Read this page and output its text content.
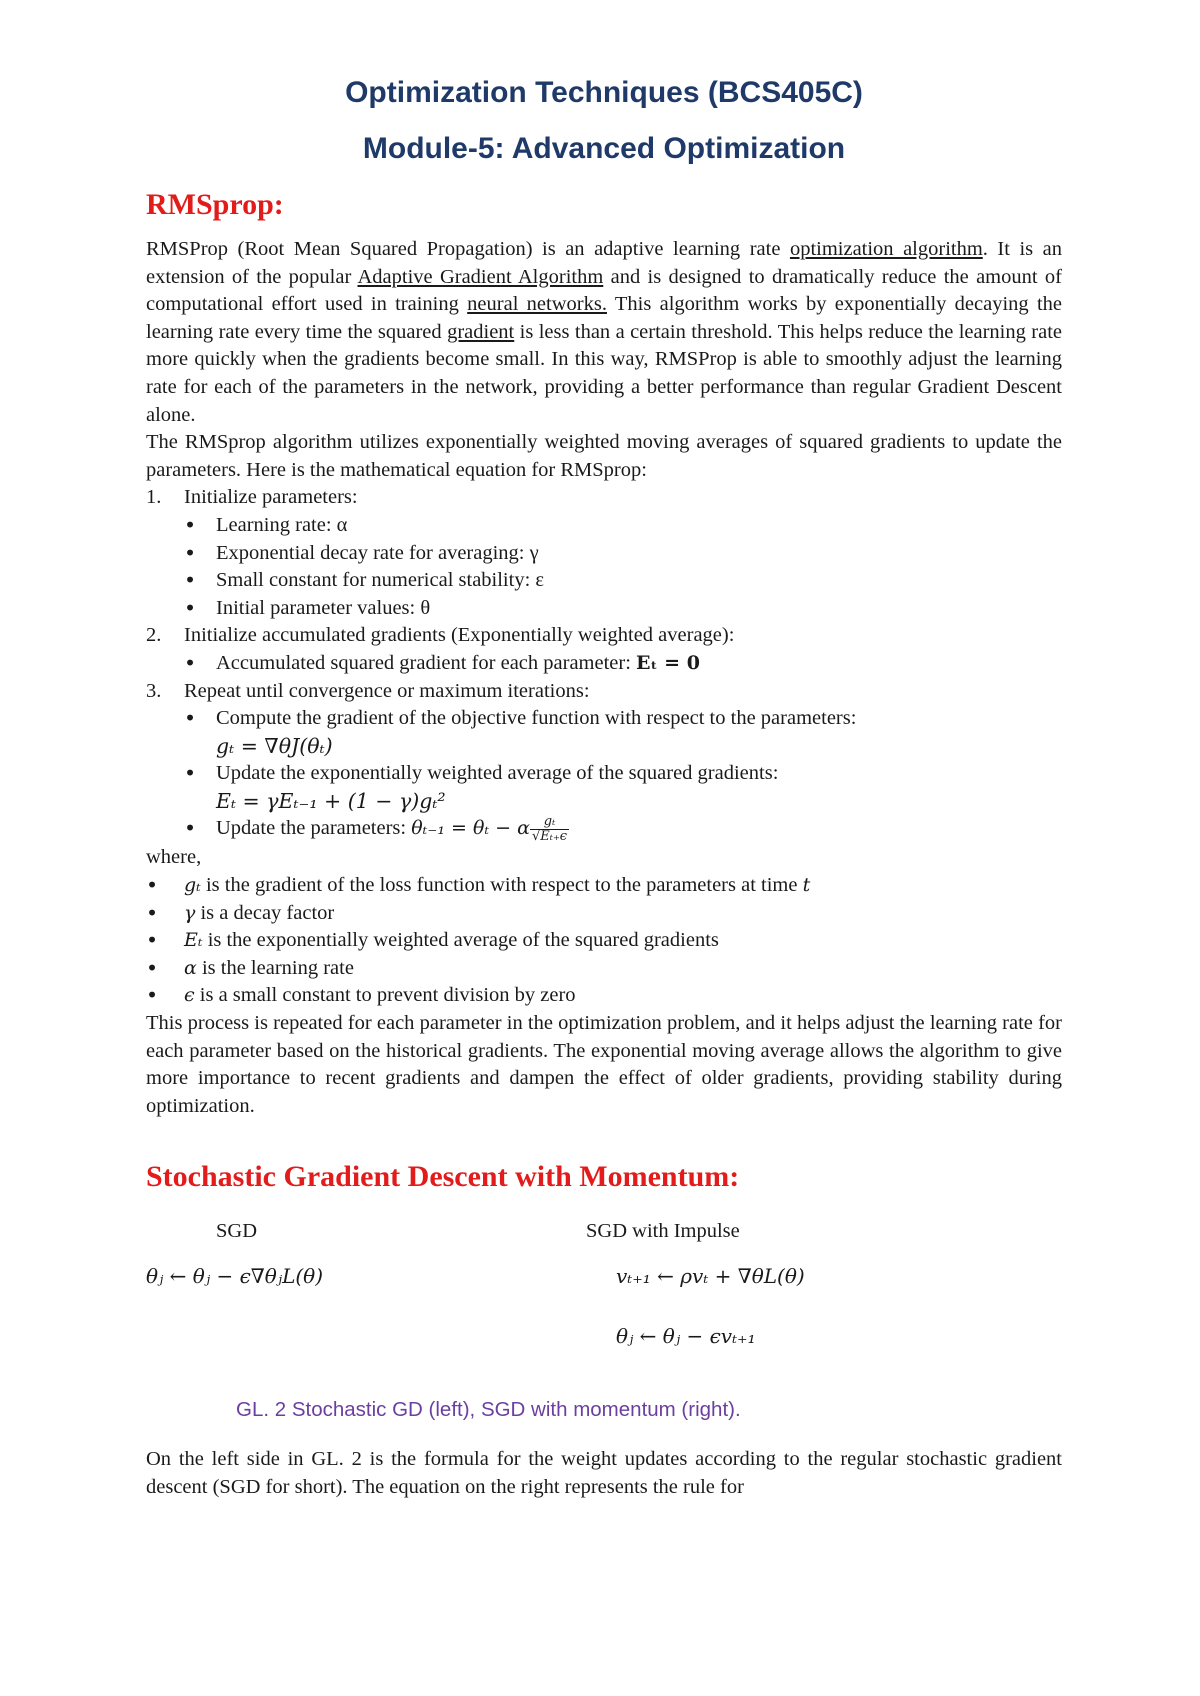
Optimization Techniques (BCS405C)
Module-5: Advanced Optimization
RMSprop:

RMSProp (Root Mean Squared Propagation) is an adaptive learning rate optimization algorithm. It is an extension of the popular Adaptive Gradient Algorithm and is designed to dramatically reduce the amount of computational effort used in training neural networks. This algorithm works by exponentially decaying the learning rate every time the squared gradient is less than a certain threshold. This helps reduce the learning rate more quickly when the gradients become small. In this way, RMSProp is able to smoothly adjust the learning rate for each of the parameters in the network, providing a better performance than regular Gradient Descent alone.

The RMSprop algorithm utilizes exponentially weighted moving averages of squared gradients to update the parameters. Here is the mathematical equation for RMSprop:

1. Initialize parameters:
• Learning rate: α
• Exponential decay rate for averaging: γ
• Small constant for numerical stability: ε
• Initial parameter values: θ
2. Initialize accumulated gradients (Exponentially weighted average):
• Accumulated squared gradient for each parameter: Eₜ = 0
3. Repeat until convergence or maximum iterations:
• Compute the gradient of the objective function with respect to the parameters:
gₜ = ∇θJ(θₜ)
• Update the exponentially weighted average of the squared gradients:
Eₜ = γEₜ₋₁ + (1 − γ)gₜ²
• Update the parameters: θₜ₋₁ = θₜ − α $\frac{\text{gₜ}}{\text{√Eₜ₊ϵ}}$
where,
• gₜ is the gradient of the loss function with respect to the parameters at time t
• γ is a decay factor
• Eₜ is the exponentially weighted average of the squared gradients
• α is the learning rate
• ϵ is a small constant to prevent division by zero

This process is repeated for each parameter in the optimization problem, and it helps adjust the learning rate for each parameter based on the historical gradients. The exponential moving average allows the algorithm to give more importance to recent gradients and dampen the effect of older gradients, providing stability during optimization.

Stochastic Gradient Descent with Momentum:
SGD	SGD with Impulse
θⱼ ← θⱼ − ϵ∇θⱼL(θ)	vₜ₊₁ ← ρvₜ + ∇θL(θ)
θⱼ ← θⱼ − ϵvₜ₊₁
GL. 2 Stochastic GD (left), SGD with momentum (right).

On the left side in GL. 2 is the formula for the weight updates according to the regular stochastic gradient descent (SGD for short). The equation on the right represents the rule for
